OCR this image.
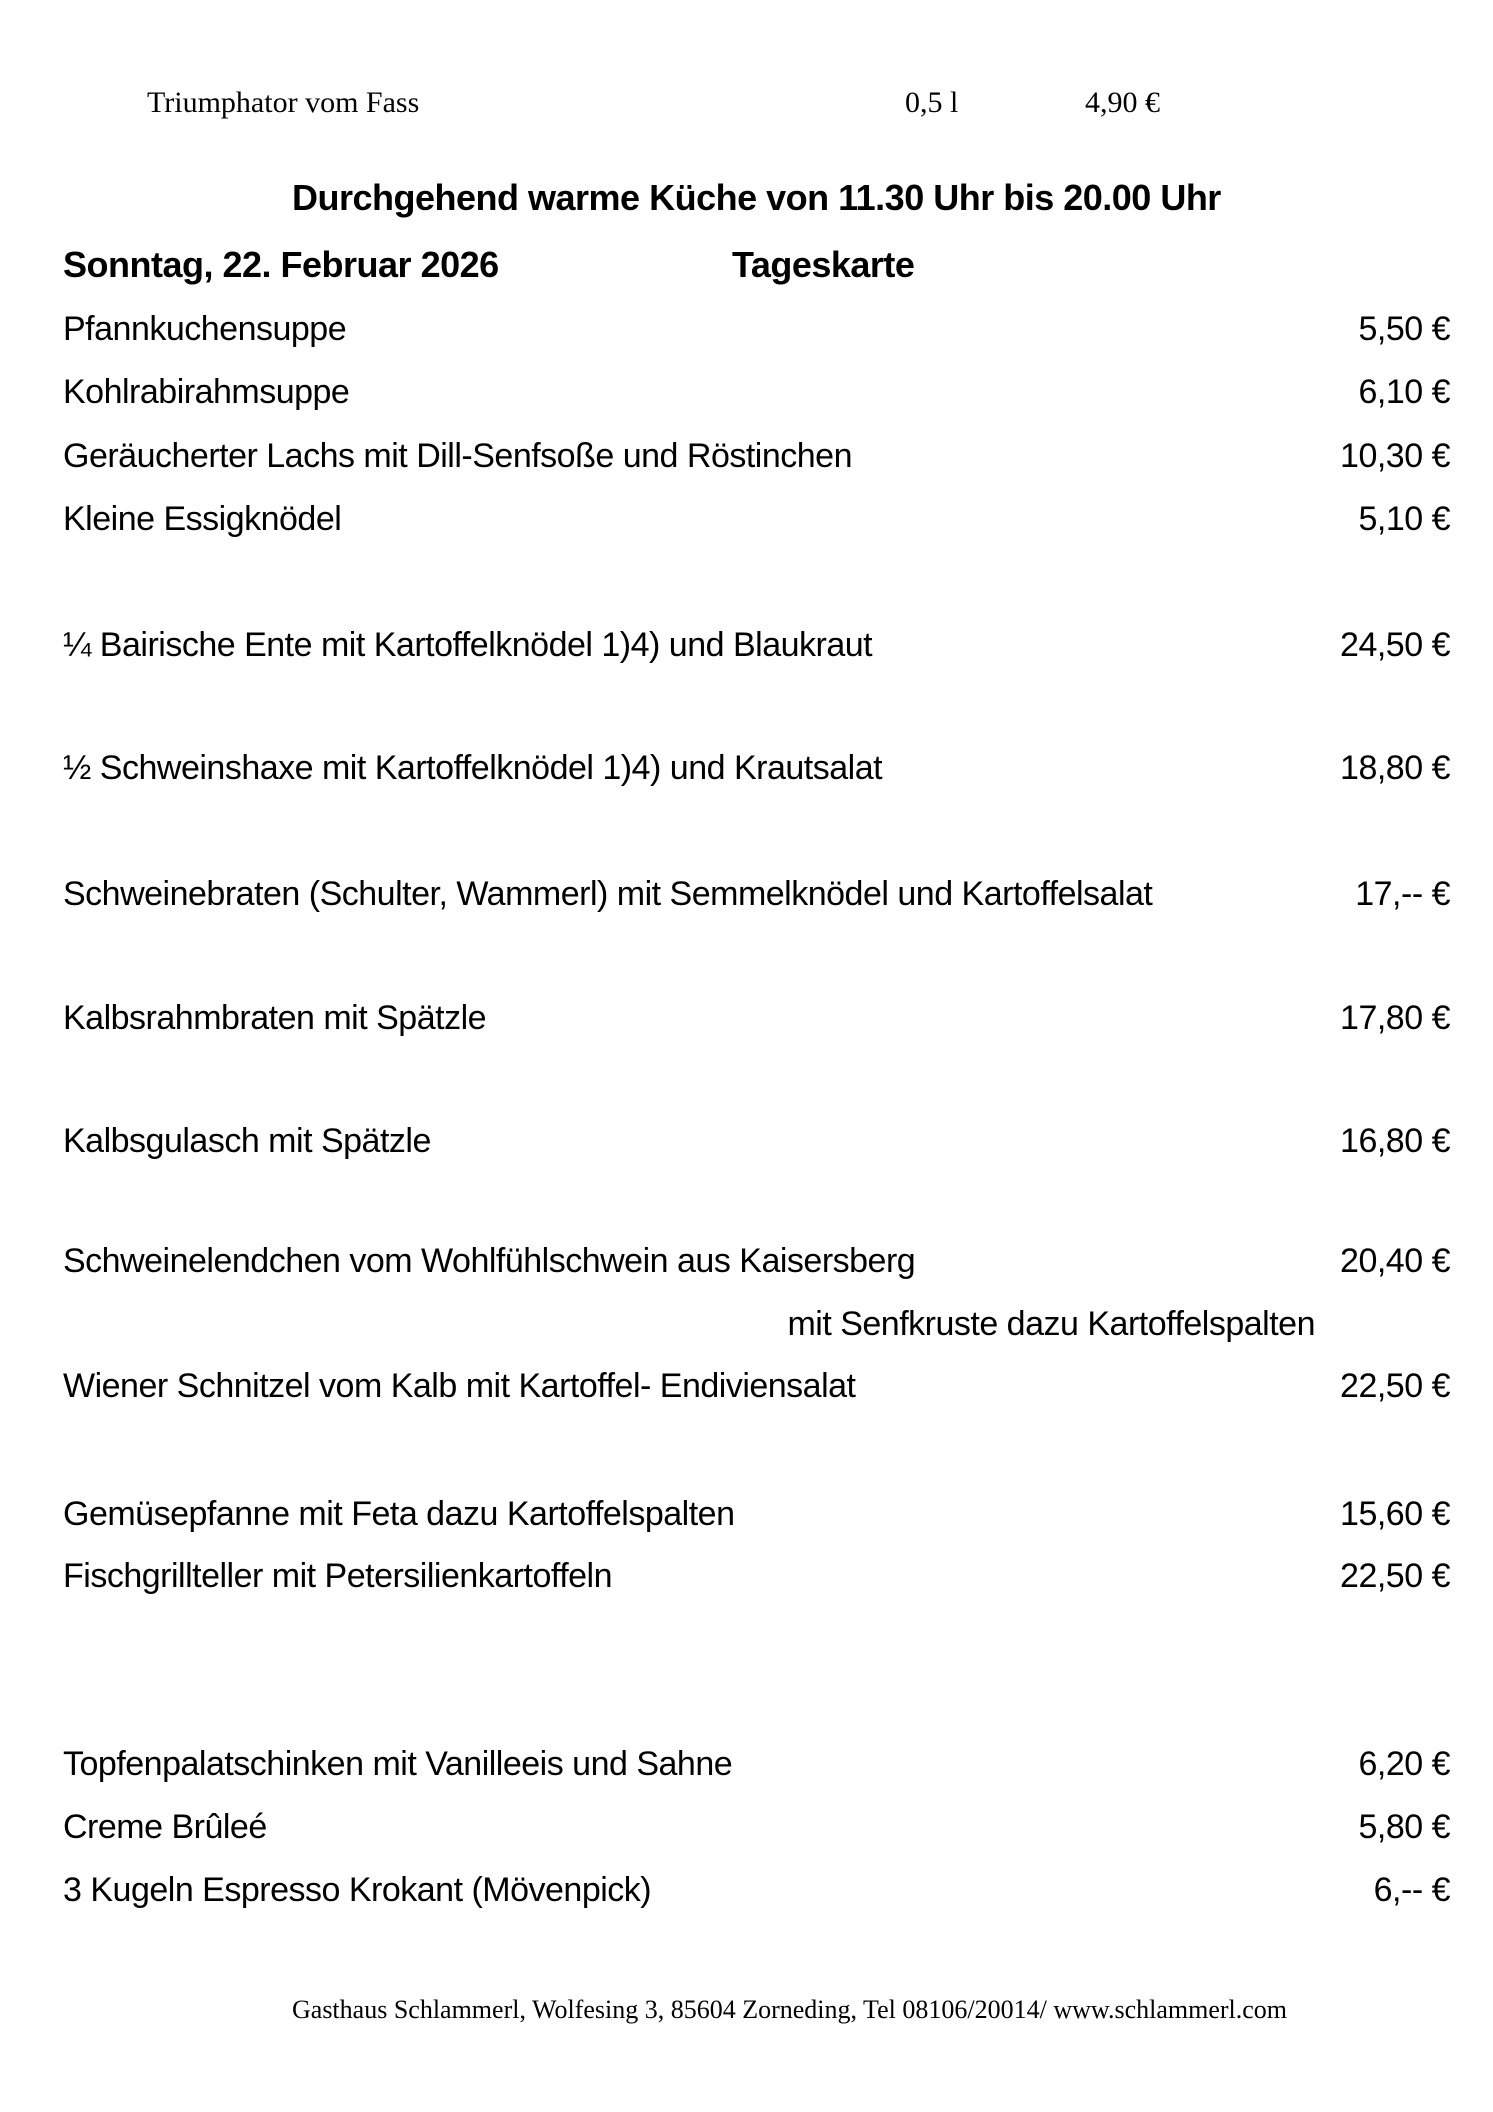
Triumphator vom Fass	0,5 l	4,90 €
Durchgehend warme Küche von 11.30 Uhr bis 20.00 Uhr
Sonntag, 22. Februar 2026	Tageskarte
Pfannkuchensuppe	5,50 €
Kohlrabirahmsuppe	6,10 €
Geräucherter Lachs mit Dill-Senfsoße und Röstinchen	10,30 €
Kleine Essigknödel	5,10 €
¼ Bairische Ente mit Kartoffelknödel 1)4) und Blaukraut	24,50 €
½ Schweinshaxe mit Kartoffelknödel 1)4) und Krautsalat	18,80 €
Schweinebraten (Schulter, Wammerl) mit Semmelknödel und Kartoffelsalat	17,-- €
Kalbsrahmbraten mit Spätzle	17,80 €
Kalbsgulasch mit Spätzle	16,80 €
Schweinelendchen vom Wohlfühlschwein aus Kaisersberg	20,40 €
Wiener Schnitzel vom Kalb mit Kartoffel- Endiviensalat	22,50 €
Gemüsepfanne mit Feta dazu Kartoffelspalten	15,60 €
Fischgrillteller mit Petersilienkartoffeln	22,50 €
Topfenpalatschinken mit Vanilleeis und Sahne	6,20 €
Creme Brûleé	5,80 €
3 Kugeln Espresso Krokant (Mövenpick)	6,-- €
mit Senfkruste dazu Kartoffelspalten
Gasthaus Schlammerl, Wolfesing 3, 85604 Zorneding, Tel 08106/20014/ www.schlammerl.com
